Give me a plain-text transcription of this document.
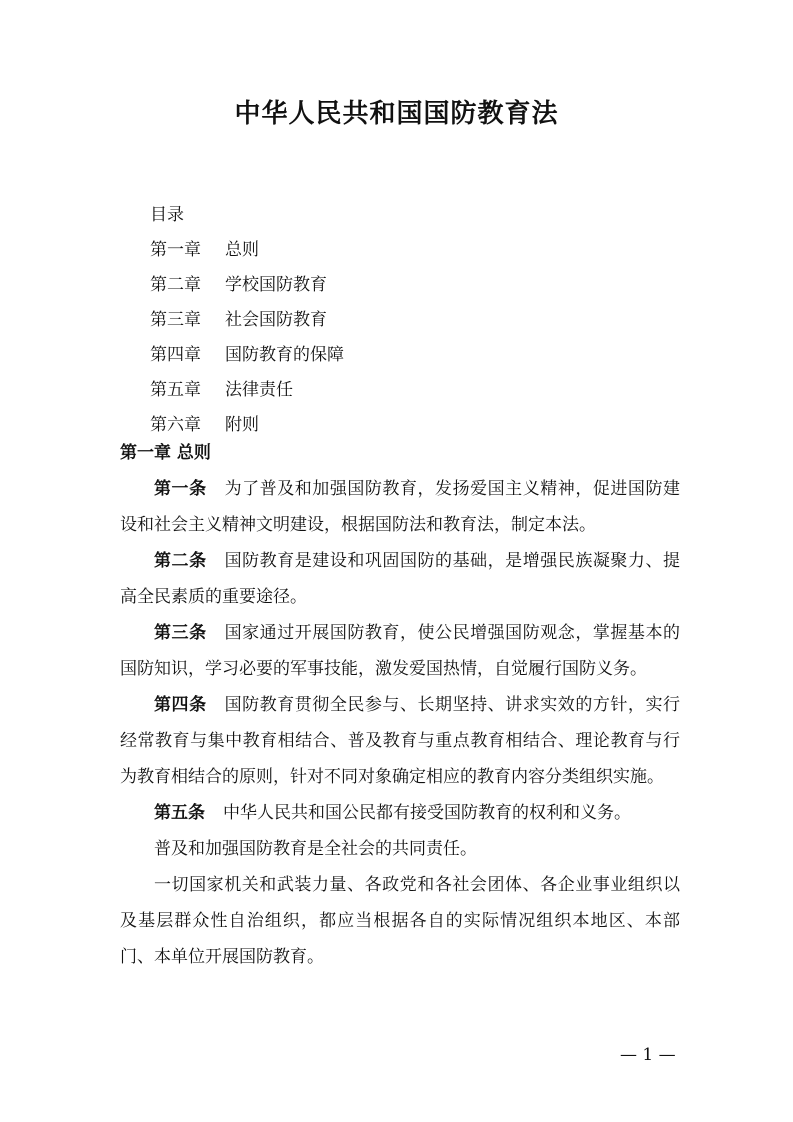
中华人民共和国国防教育法
目录
第一章 总则
第二章 学校国防教育
第三章 社会国防教育
第四章 国防教育的保障
第五章 法律责任
第六章 附则

第一章 总则

第一条 为了普及和加强国防教育，发扬爱国主义精神，促进国防建设和社会主义精神文明建设，根据国防法和教育法，制定本法。

第二条 国防教育是建设和巩固国防的基础，是增强民族凝聚力、提高全民素质的重要途径。

第三条 国家通过开展国防教育，使公民增强国防观念，掌握基本的国防知识，学习必要的军事技能，激发爱国热情，自觉履行国防义务。

第四条 国防教育贯彻全民参与、长期坚持、讲求实效的方针，实行经常教育与集中教育相结合、普及教育与重点教育相结合、理论教育与行为教育相结合的原则，针对不同对象确定相应的教育内容分类组织实施。

第五条 中华人民共和国公民都有接受国防教育的权利和义务。

普及和加强国防教育是全社会的共同责任。

一切国家机关和武装力量、各政党和各社会团体、各企业事业组织以及基层群众性自治组织，都应当根据各自的实际情况组织本地区、本部门、本单位开展国防教育。

— 1 —
